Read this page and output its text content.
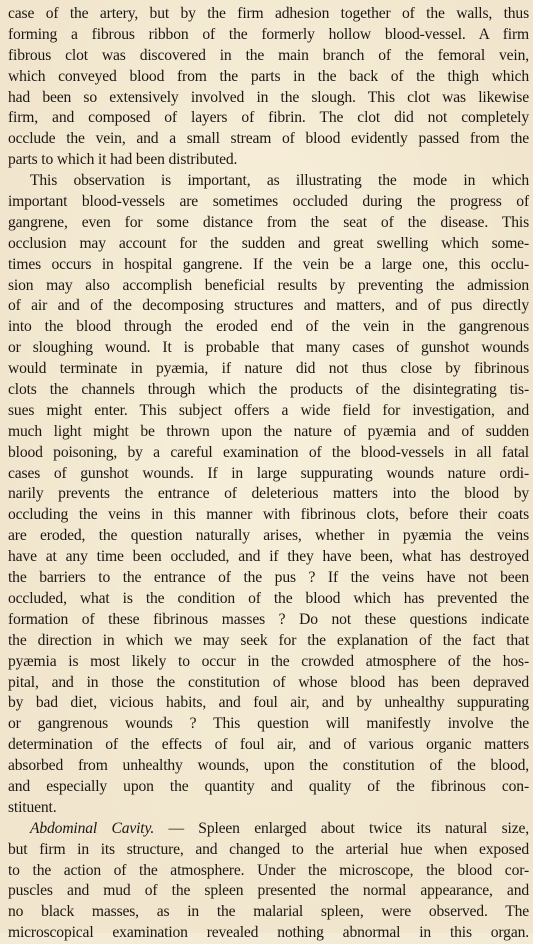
case of the artery, but by the firm adhesion together of the walls, thus
forming a fibrous ribbon of the formerly hollow blood-vessel. A firm
fibrous clot was discovered in the main branch of the femoral vein,
which conveyed blood from the parts in the back of the thigh which
had been so extensively involved in the slough. This clot was likewise
firm, and composed of layers of fibrin. The clot did not completely
occlude the vein, and a small stream of blood evidently passed from the
parts to which it had been distributed.
This observation is important, as illustrating the mode in which
important blood-vessels are sometimes occluded during the progress of
gangrene, even for some distance from the seat of the disease. This
occlusion may account for the sudden and great swelling which some-
times occurs in hospital gangrene. If the vein be a large one, this occlu-
sion may also accomplish beneficial results by preventing the admission
of air and of the decomposing structures and matters, and of pus directly
into the blood through the eroded end of the vein in the gangrenous
or sloughing wound. It is probable that many cases of gunshot wounds
would terminate in pyæmia, if nature did not thus close by fibrinous
clots the channels through which the products of the disintegrating tis-
sues might enter. This subject offers a wide field for investigation, and
much light might be thrown upon the nature of pyæmia and of sudden
blood poisoning, by a careful examination of the blood-vessels in all fatal
cases of gunshot wounds. If in large suppurating wounds nature ordi-
narily prevents the entrance of deleterious matters into the blood by
occluding the veins in this manner with fibrinous clots, before their coats
are eroded, the question naturally arises, whether in pyæmia the veins
have at any time been occluded, and if they have been, what has destroyed
the barriers to the entrance of the pus ? If the veins have not been
occluded, what is the condition of the blood which has prevented the
formation of these fibrinous masses ? Do not these questions indicate
the direction in which we may seek for the explanation of the fact that
pyæmia is most likely to occur in the crowded atmosphere of the hos-
pital, and in those the constitution of whose blood has been depraved
by bad diet, vicious habits, and foul air, and by unhealthy suppurating
or gangrenous wounds ? This question will manifestly involve the
determination of the effects of foul air, and of various organic matters
absorbed from unhealthy wounds, upon the constitution of the blood,
and especially upon the quantity and quality of the fibrinous con-
stituent.
Abdominal Cavity. — Spleen enlarged about twice its natural size,
but firm in its structure, and changed to the arterial hue when exposed
to the action of the atmosphere. Under the microscope, the blood cor-
puscles and mud of the spleen presented the normal appearance, and
no black masses, as in the malarial spleen, were observed. The
microscopical examination revealed nothing abnormal in this organ.
